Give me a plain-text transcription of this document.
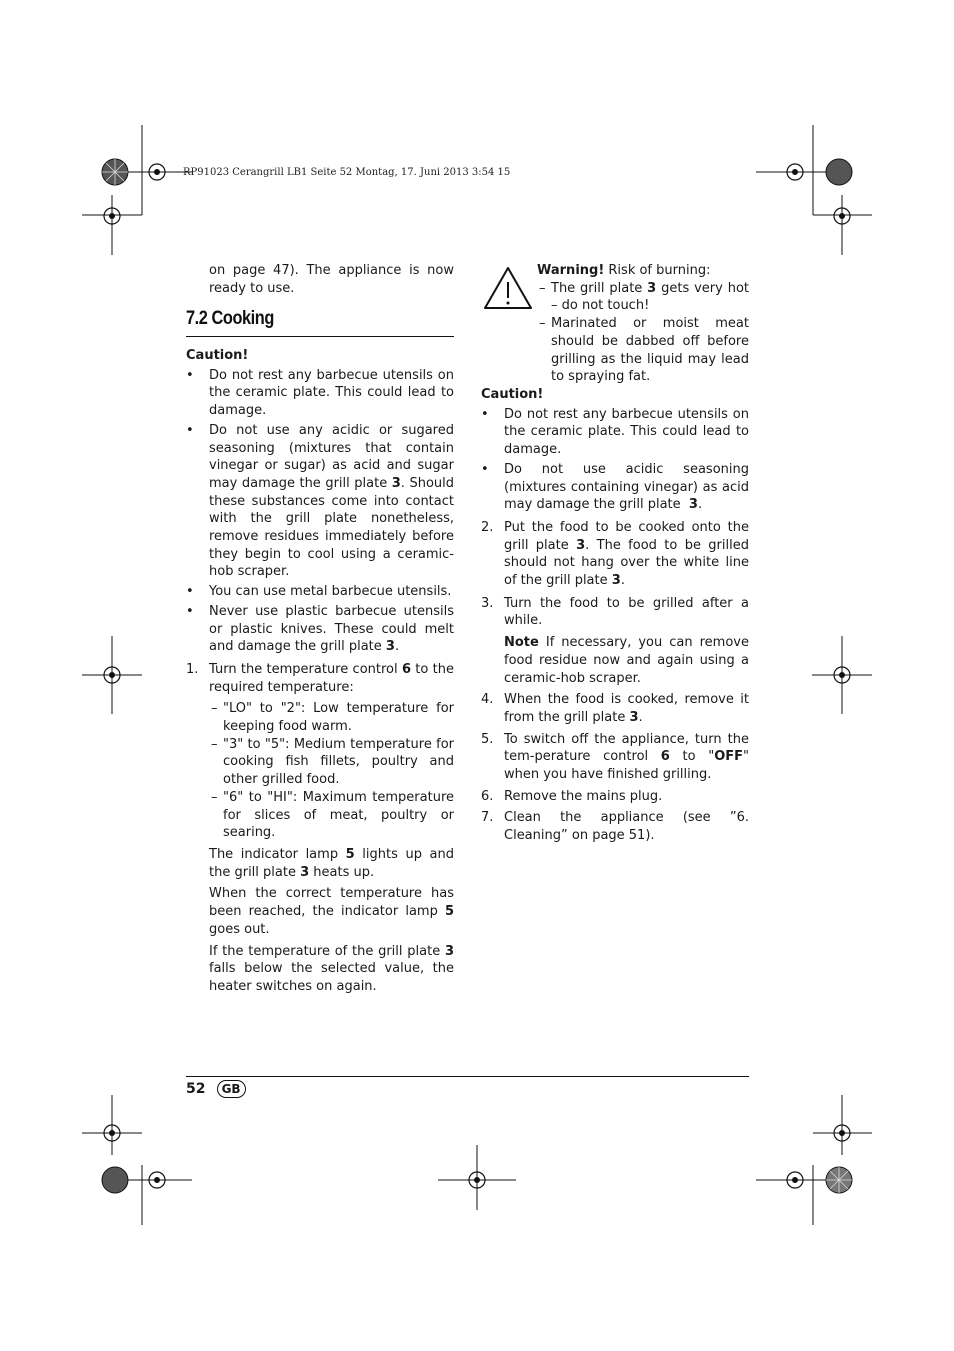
RP91023 Cerangrill LB1 Seite 52 Montag, 17. Juni 2013 3:54 15

on page 47). The appliance is now ready to use.

7.2 Cooking

Caution!

• Do not rest any barbecue utensils on the ceramic plate. This could lead to damage.
• Do not use any acidic or sugared seasoning (mixtures that contain vinegar or sugar) as acid and sugar may damage the grill plate 3. Should these substances come into contact with the grill plate nonetheless, remove residues immediately before they begin to cool using a ceramic-hob scraper.
• You can use metal barbecue utensils.
• Never use plastic barbecue utensils or plastic knives. These could melt and damage the grill plate 3.
1. Turn the temperature control 6 to the required temperature:
– "LO" to "2": Low temperature for keeping food warm.
– "3" to "5": Medium temperature for cooking fish fillets, poultry and other grilled food.
– "6" to "HI": Maximum temperature for slices of meat, poultry or searing.

The indicator lamp 5 lights up and the grill plate 3 heats up.

When the correct temperature has been reached, the indicator lamp 5 goes out.

If the temperature of the grill plate 3 falls below the selected value, the heater switches on again.

Warning! Risk of burning:

– The grill plate 3 gets very hot – do not touch!
– Marinated or moist meat should be dabbed off before grilling as the liquid may lead to spraying fat.

Caution!

• Do not rest any barbecue utensils on the ceramic plate. This could lead to damage.
• Do not use acidic seasoning (mixtures containing vinegar) as acid may damage the grill plate  3.
2. Put the food to be cooked onto the grill plate 3. The food to be grilled should not hang over the white line of the grill plate 3.
3. Turn the food to be grilled after a while.

Note If necessary, you can remove food residue now and again using a ceramic-hob scraper.

4. When the food is cooked, remove it from the grill plate 3.
5. To switch off the appliance, turn the tem-perature control 6 to "OFF" when you have finished grilling.
6. Remove the mains plug.
7. Clean the appliance (see ”6. Cleaning” on page 51).
52 GB
